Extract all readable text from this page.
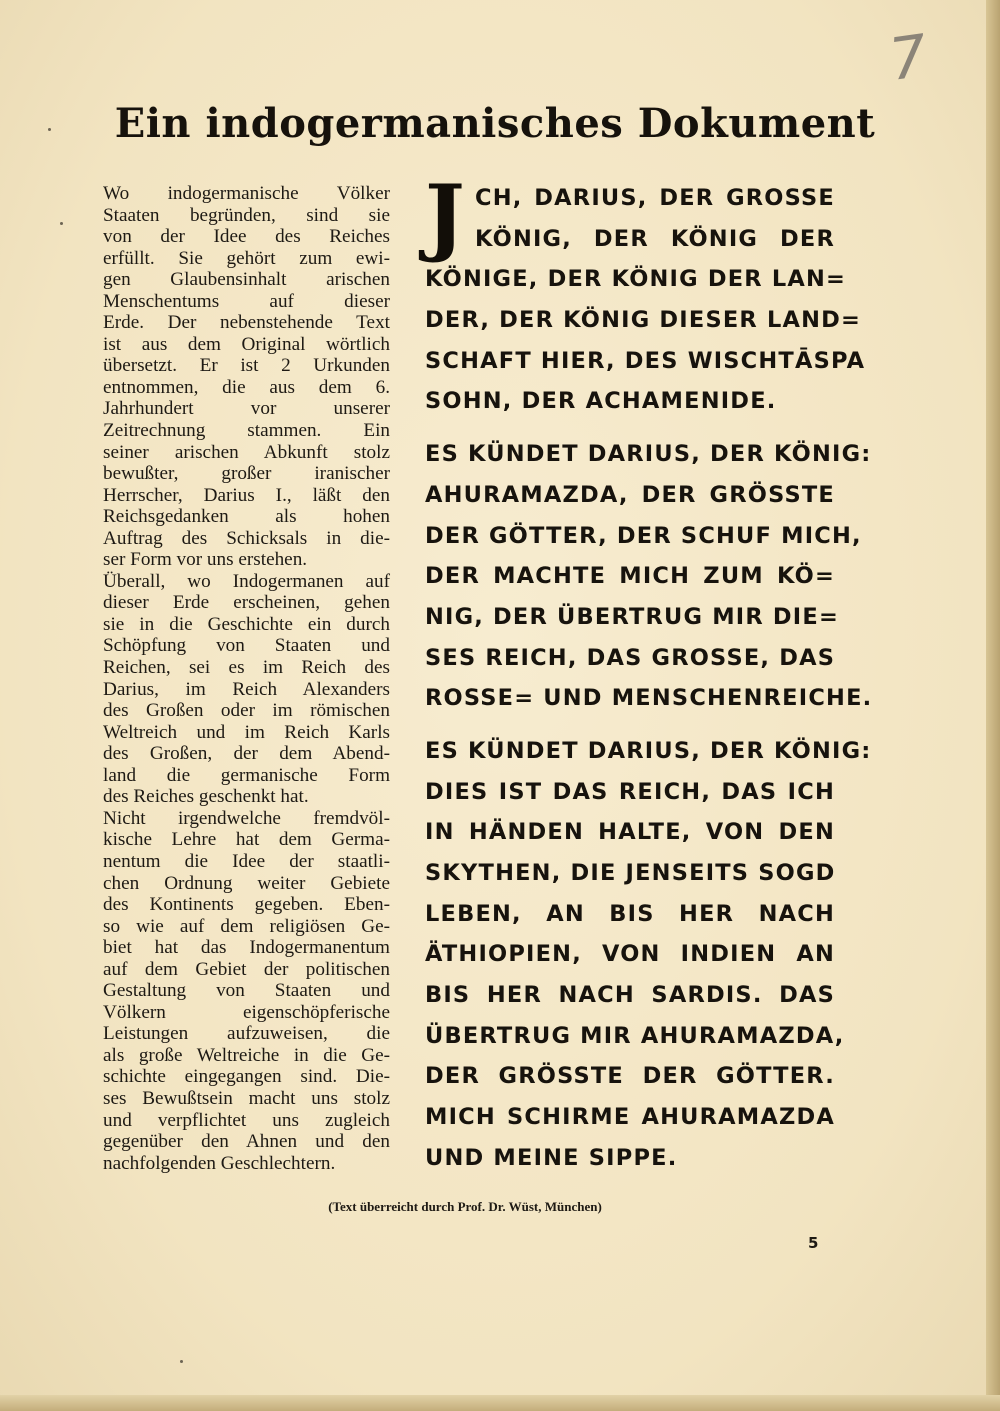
7
Ein indogermanisches Dokument
Wo indogermanische Völker
Staaten begründen, sind sie
von der Idee des Reiches
erfüllt. Sie gehört zum ewi-
gen Glaubensinhalt arischen
Menschentums auf dieser
Erde. Der nebenstehende Text
ist aus dem Original wörtlich
übersetzt. Er ist 2 Urkunden
entnommen, die aus dem 6.
Jahrhundert vor unserer
Zeitrechnung stammen. Ein
seiner arischen Abkunft stolz
bewußter, großer iranischer
Herrscher, Darius I., läßt den
Reichsgedanken als hohen
Auftrag des Schicksals in die-
ser Form vor uns erstehen.
Überall, wo Indogermanen auf
dieser Erde erscheinen, gehen
sie in die Geschichte ein durch
Schöpfung von Staaten und
Reichen, sei es im Reich des
Darius, im Reich Alexanders
des Großen oder im römischen
Weltreich und im Reich Karls
des Großen, der dem Abend-
land die germanische Form
des Reiches geschenkt hat.
Nicht irgendwelche fremdvöl-
kische Lehre hat dem Germa-
nentum die Idee der staatli-
chen Ordnung weiter Gebiete
des Kontinents gegeben. Eben-
so wie auf dem religiösen Ge-
biet hat das Indogermanentum
auf dem Gebiet der politischen
Gestaltung von Staaten und
Völkern eigenschöpferische
Leistungen aufzuweisen, die
als große Weltreiche in die Ge-
schichte eingegangen sind. Die-
ses Bewußtsein macht uns stolz
und verpflichtet uns zugleich
gegenüber den Ahnen und den
nachfolgenden Geschlechtern.
J CH, DARIUS, DER GROSSE
KÖNIG, DER KÖNIG DER
KÖNIGE, DER KÖNIG DER LAN=
DER, DER KÖNIG DIESER LAND=
SCHAFT HIER, DES WISCHTĀSPA
SOHN, DER ACHAMENIDE.
ES KÜNDET DARIUS, DER KÖNIG:
AHURAMAZDA, DER GRÖSSTE
DER GÖTTER, DER SCHUF MICH,
DER MACHTE MICH ZUM KÖ=
NIG, DER ÜBERTRUG MIR DIE=
SES REICH, DAS GROSSE, DAS
ROSSE= UND MENSCHENREICHE.
ES KÜNDET DARIUS, DER KÖNIG:
DIES IST DAS REICH, DAS ICH
IN HÄNDEN HALTE, VON DEN
SKYTHEN, DIE JENSEITS SOGD
LEBEN, AN BIS HER NACH
ÄTHIOPIEN, VON INDIEN AN
BIS HER NACH SARDIS. DAS
ÜBERTRUG MIR AHURAMAZDA,
DER GRÖSSTE DER GÖTTER.
MICH SCHIRME AHURAMAZDA
UND MEINE SIPPE.
(Text überreicht durch Prof. Dr. Wüst, München)
5
